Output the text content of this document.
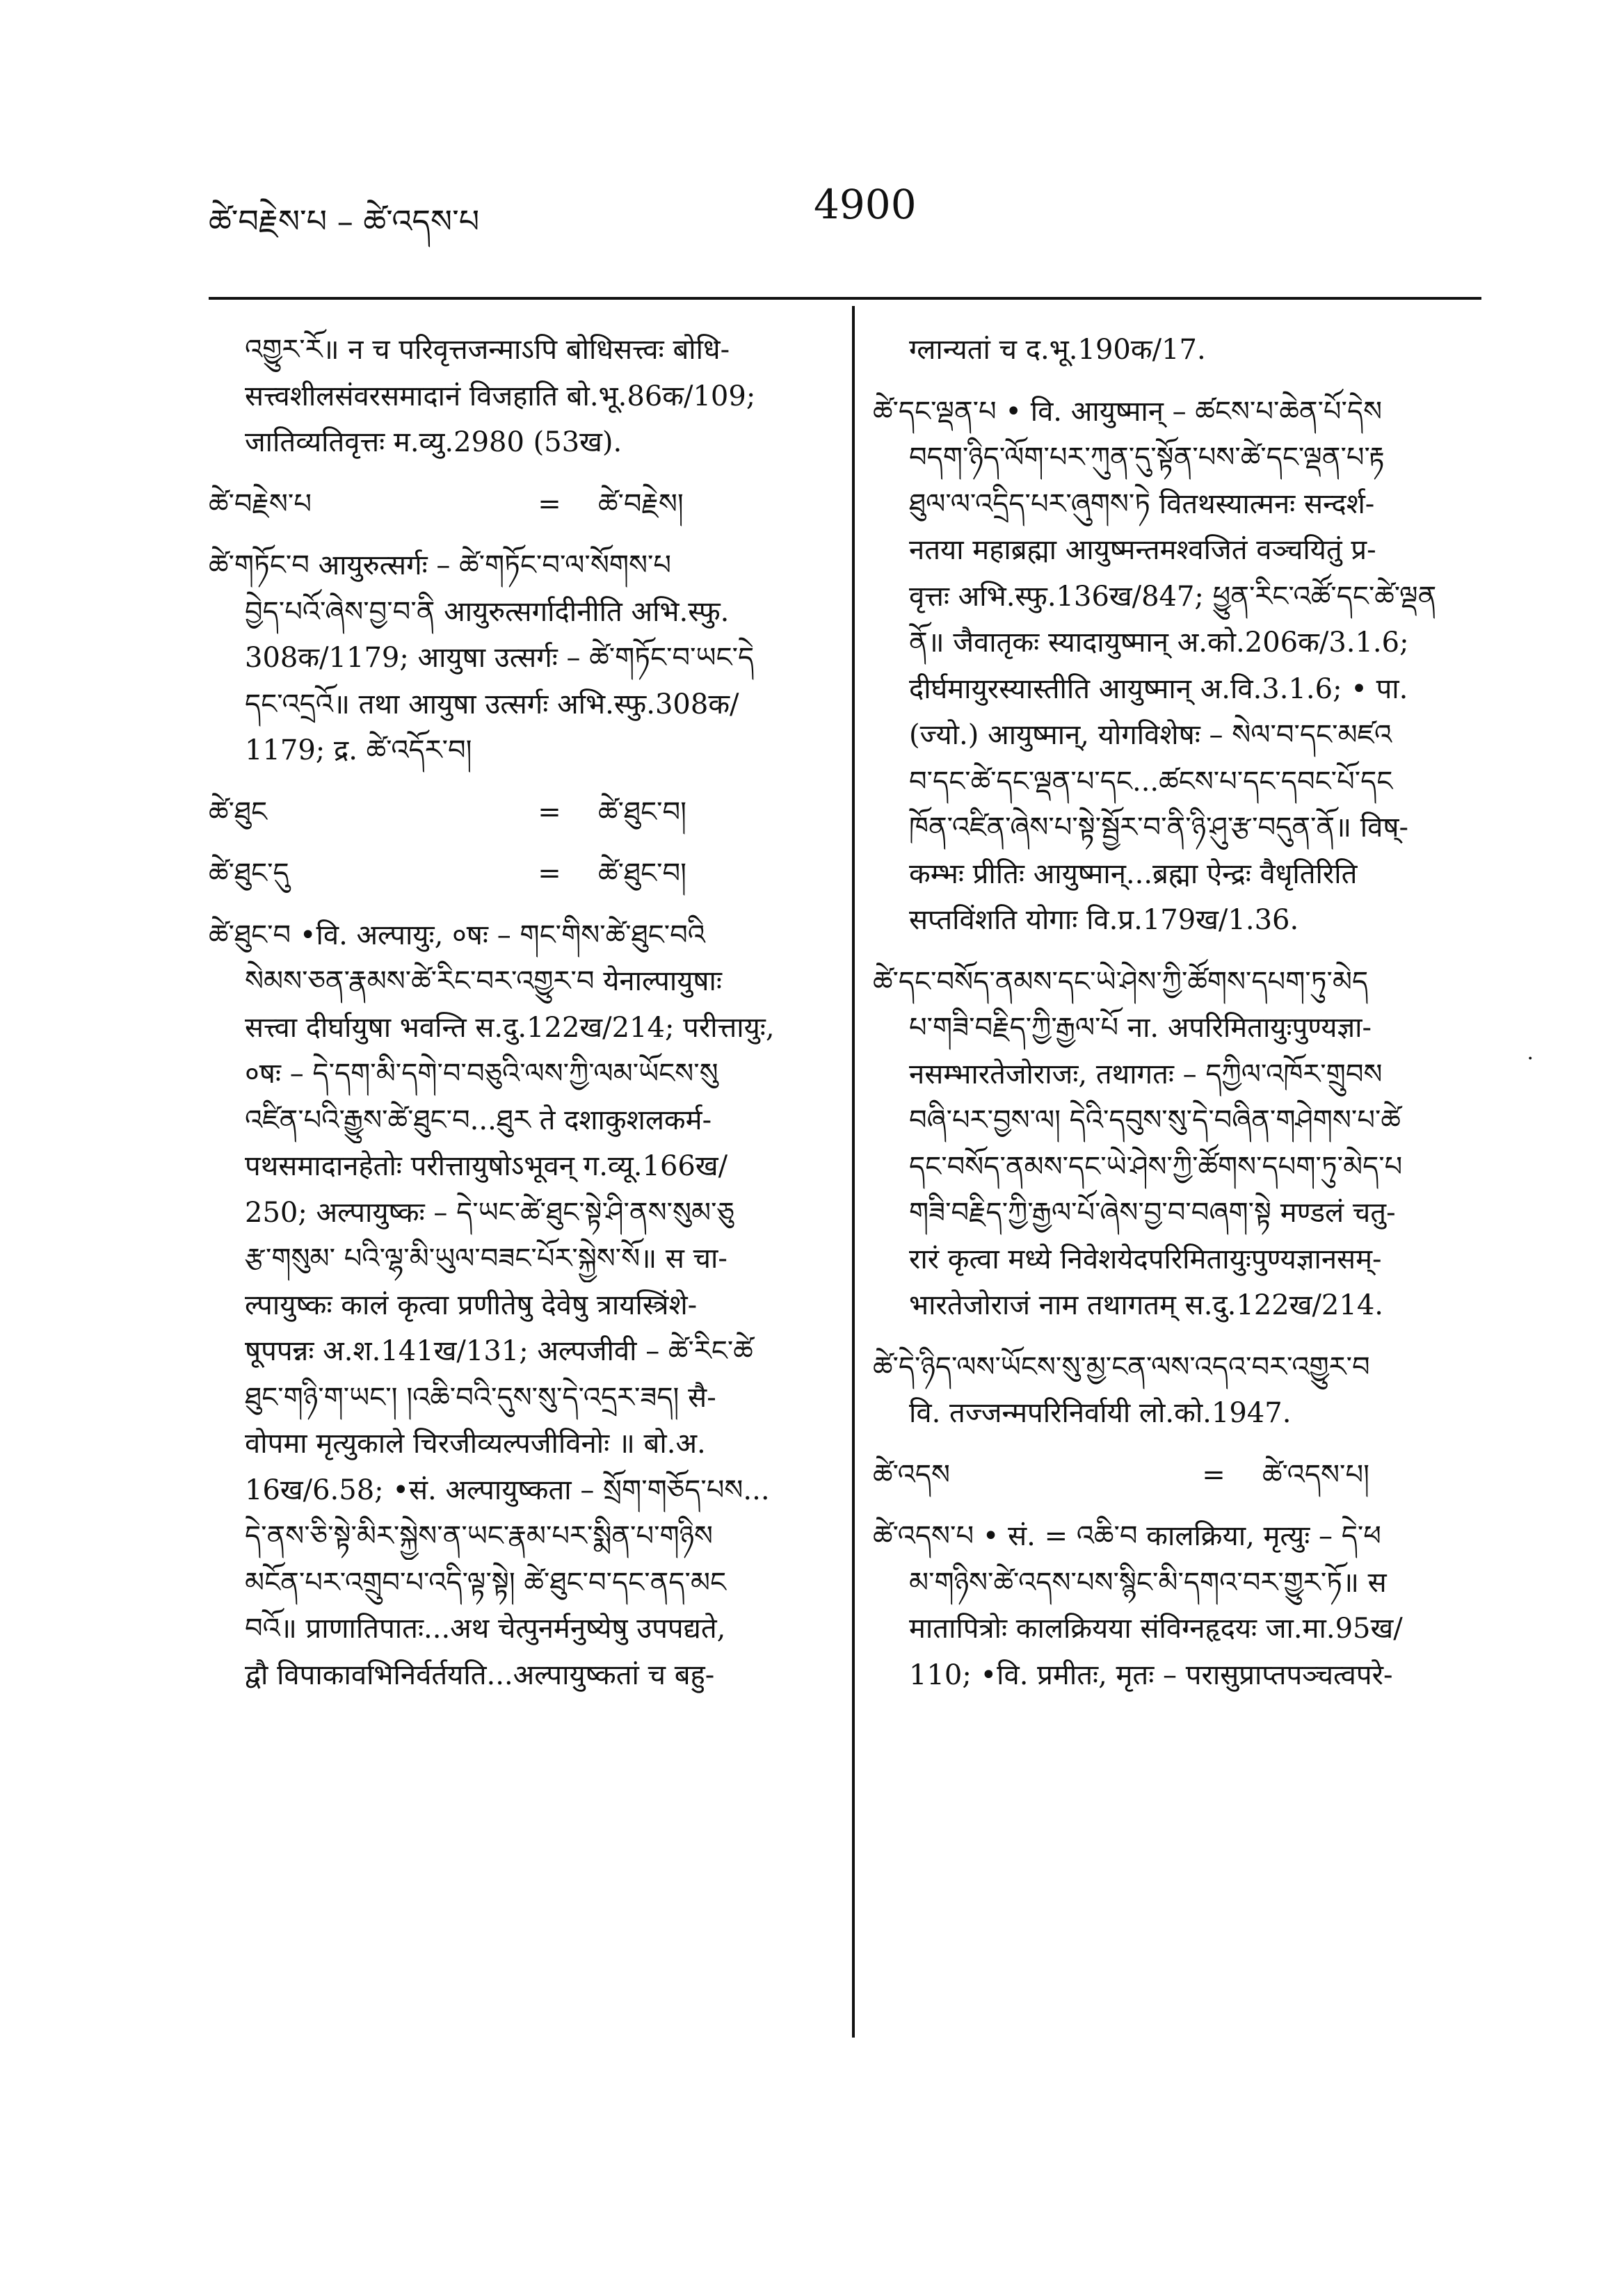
ཚེ་བརྗེས་པ – ཚེ་འདས་པ	4900
འགྱུར་རོ॥ न च परिवृत्तजन्माऽपि बोधिसत्त्वः बोधि-
सत्त्वशीलसंवरसमादानं विजहाति बो.भू.86क/109;
जातिव्यतिवृत्तः म.व्यु.2980 (53ख).
ཚེ་བརྗེས་པ	=	ཚེ་བརྗེས།
ཚེ་གཏོང་བ आयुरुत्सर्गः – ཚེ་གཏོང་བ་ལ་སོགས་པ
བྱེད་པའོ་ཞེས་བྱ་བ་ནི आयुरुत्सर्गादीनीति अभि.स्फु.
308क/1179; आयुषा उत्सर्गः – ཚེ་གཏོང་བ་ཡང་དེ
དང་འདྲའོ॥ तथा आयुषा उत्सर्गः अभि.स्फु.308क/
1179; द्र. ཚེ་འདོར་བ།
ཚེ་ཐུང	=	ཚེ་ཐུང་བ།
ཚེ་ཐུང་དུ	=	ཚེ་ཐུང་བ།
ཚེ་ཐུང་བ •वि. अल्पायुः, ०षः – གང་གིས་ཚེ་ཐུང་བའི
སེམས་ཅན་རྣམས་ཚེ་རིང་བར་འགྱུར་བ येनाल्पायुषाः
सत्त्वा दीर्घायुषा भवन्ति स.दु.122ख/214; परीत्तायुः,
०षः – དེ་དག་མི་དགེ་བ་བཅུའི་ལས་ཀྱི་ལམ་ཡོངས་སུ
འཛིན་པའི་རྒྱུས་ཚེ་ཐུང་བ...ཐུར ते दशाकुशलकर्म-
पथसमादानहेतोः परीत्तायुषोऽभूवन् ग.व्यू.166ख/
250; अल्पायुष्कः – དེ་ཡང་ཚེ་ཐུང་སྟེ་ཤི་ནས་སུམ་ཅུ
རྩ་གསུམ་ པའི་ལྷ་མི་ཡུལ་བཟང་པོར་སྐྱེས་སོ॥ स चा-
ल्पायुष्कः कालं कृत्वा प्रणीतेषु देवेषु त्रायस्त्रिंशे-
षूपपन्नः अ.श.141ख/131; अल्पजीवी – ཚེ་རིང་ཚེ
ཐུང་གཉི་ག་ཡང་། །འཆི་བའི་དུས་སུ་དེ་འདྲར་ཟད། सै-
वोपमा मृत्युकाले चिरजीव्यल्पजीविनोः ॥ बो.अ.
16ख/6.58; •सं. अल्पायुष्कता – སྲོག་གཅོད་པས...
དེ་ནས་ཅི་སྟེ་མིར་སྐྱེས་ན་ཡང་རྣམ་པར་སྨིན་པ་གཉིས
མངོན་པར་འགྲུབ་པ་འདི་ལྟ་སྟེ། ཚེ་ཐུང་བ་དང་ནད་མང
བའོ॥ प्राणातिपातः...अथ चेत्पुनर्मनुष्येषु उपपद्यते,
द्वौ विपाकावभिनिर्वर्तयति...अल्पायुष्कतां च बहु-
ग्लान्यतां च द.भू.190क/17.
ཚེ་དང་ལྡན་པ • वि. आयुष्मान् – ཚངས་པ་ཆེན་པོ་དེས
བདག་ཉིད་ལོག་པར་ཀུན་དུ་སྟོན་པས་ཚེ་དང་ལྡན་པ་རྟ
ཐུལ་ལ་འདྲིད་པར་ཞུགས་ཏེ वितथस्यात्मनः सन्दर्श-
नतया महाब्रह्मा आयुष्मन्तमश्वजितं वञ्चयितुं प्र-
वृत्तः अभि.स्फु.136ख/847; ཕྱུན་རིང་འཚོ་དང་ཚེ་ལྡན
ནོ॥ जैवातृकः स्यादायुष्मान् अ.को.206क/3.1.6;
दीर्घमायुरस्यास्तीति आयुष्मान् अ.वि.3.1.6; • पा.
(ज्यो.) आयुष्मान्, योगविशेषः – སེལ་བ་དང་མཛའ
བ་དང་ཚེ་དང་ལྡན་པ་དང...ཚངས་པ་དང་དབང་པོ་དང
ཁོན་འཛིན་ཞེས་པ་སྟེ་སྦྱོར་བ་ནི་ཉི་ཤུ་རྩ་བདུན་ནོ॥ विष्-
कम्भः प्रीतिः आयुष्मान्...ब्रह्मा ऐन्द्रः वैधृतिरिति
सप्तविंशति योगाः वि.प्र.179ख/1.36.
ཚེ་དང་བསོད་ནམས་དང་ཡེ་ཤེས་ཀྱི་ཚོགས་དཔག་ཏུ་མེད
པ་གཟི་བརྗིད་ཀྱི་རྒྱལ་པོ ना. अपरिमितायुःपुण्यज्ञा-
नसम्भारतेजोराजः, तथागतः – དཀྱིལ་འཁོར་གྲུབས
བཞི་པར་བྱས་ལ། དེའི་དབུས་སུ་དེ་བཞིན་གཤེགས་པ་ཚེ
དང་བསོད་ནམས་དང་ཡེ་ཤེས་ཀྱི་ཚོགས་དཔག་ཏུ་མེད་པ
གཟི་བརྗིད་ཀྱི་རྒྱལ་པོ་ཞེས་བྱ་བ་བཞག་སྟེ मण्डलं चतु-
रारं कृत्वा मध्ये निवेशयेदपरिमितायुःपुण्यज्ञानसम्-
भारतेजोराजं नाम तथागतम् स.दु.122ख/214.
ཚེ་དེ་ཉིད་ལས་ཡོངས་སུ་མྱ་ངན་ལས་འདའ་བར་འགྱུར་བ
वि. तज्जन्मपरिनिर्वायी लो.को.1947.
ཚེ་འདས	=	ཚེ་འདས་པ།
ཚེ་འདས་པ • सं. = འཆི་བ कालक्रिया, मृत्युः – དེ་ཕ
མ་གཉིས་ཚེ་འདས་པས་སྙིང་མི་དགའ་བར་གྱུར་ཏོ॥ स
मातापित्रोः कालक्रियया संविग्नहृदयः जा.मा.95ख/
110; •वि. प्रमीतः, मृतः – परासुप्राप्तपञ्चत्वपरे-
·
